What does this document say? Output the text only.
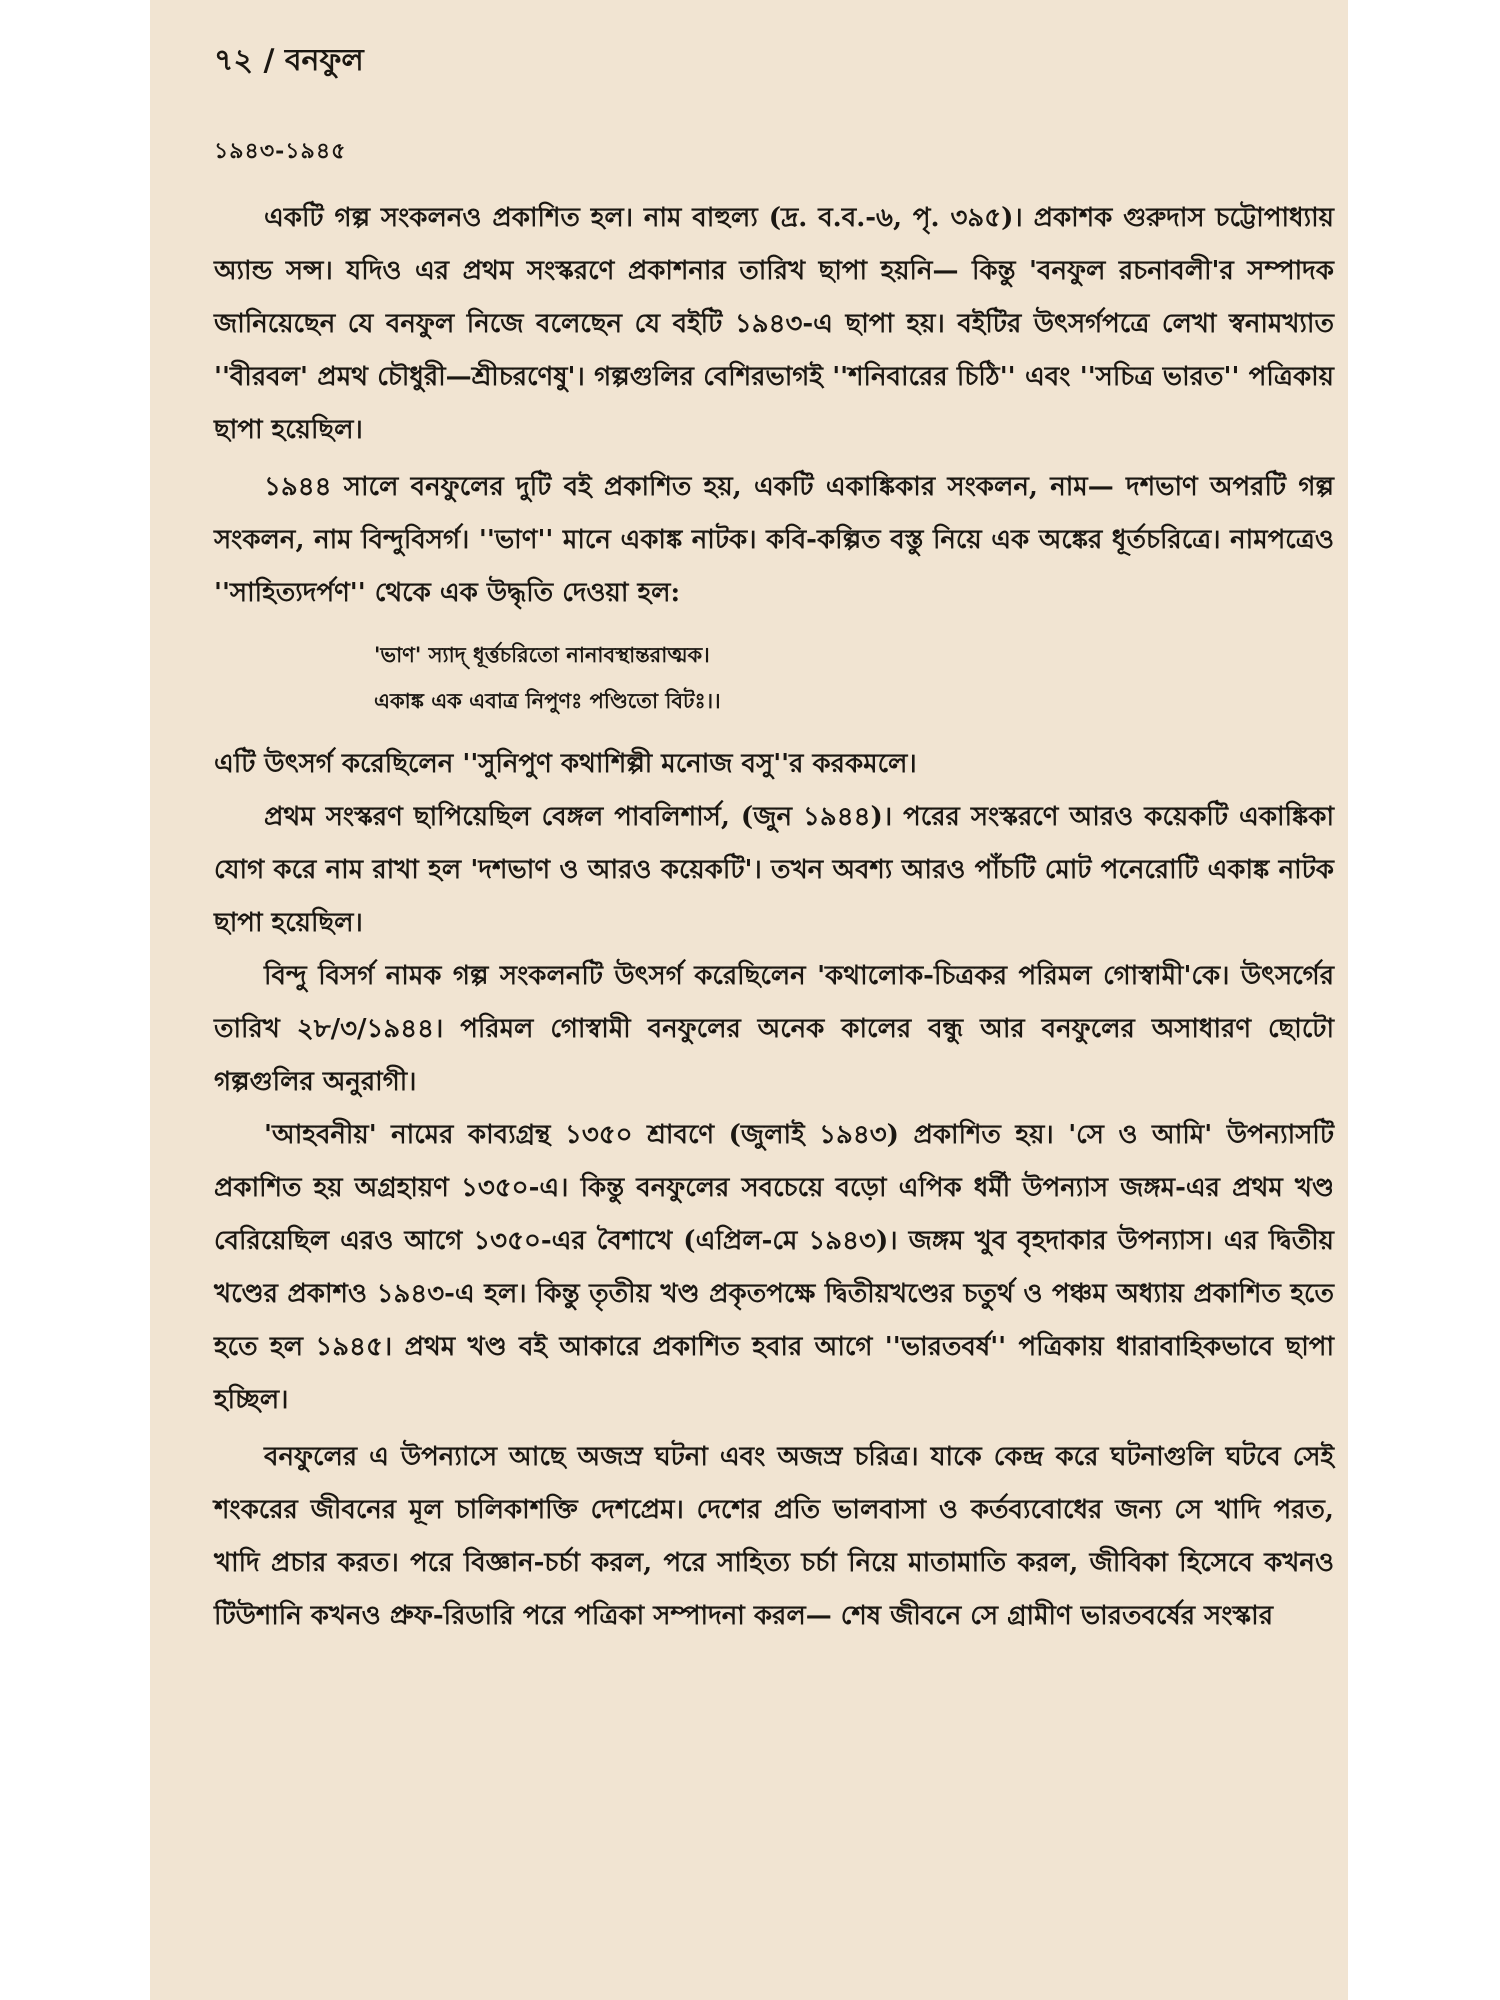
৭২ / বনফুল
১৯৪৩-১৯৪৫

একটি গল্প সংকলনও প্রকাশিত হল। নাম বাহুল্য (দ্র. ব.ব.-৬, পৃ. ৩৯৫)। প্রকাশক গুরুদাস চট্টোপাধ্যায় অ্যান্ড সন্স। যদিও এর প্রথম সংস্করণে প্রকাশনার তারিখ ছাপা হয়নি— কিন্তু 'বনফুল রচনাবলী'র সম্পাদক জানিয়েছেন যে বনফুল নিজে বলেছেন যে বইটি ১৯৪৩-এ ছাপা হয়। বইটির উৎসর্গপত্রে লেখা স্বনামখ্যাত ''বীরবল' প্রমথ চৌধুরী—শ্রীচরণেষু'। গল্পগুলির বেশিরভাগই ''শনিবারের চিঠি'' এবং ''সচিত্র ভারত'' পত্রিকায় ছাপা হয়েছিল।

১৯৪৪ সালে বনফুলের দুটি বই প্রকাশিত হয়, একটি একাঙ্কিকার সংকলন, নাম— দশভাণ অপরটি গল্প সংকলন, নাম বিন্দুবিসর্গ। ''ভাণ'' মানে একাঙ্ক নাটক। কবি-কল্পিত বস্তু নিয়ে এক অঙ্কের ধূর্তচরিত্রে। নামপত্রেও ''সাহিত্যদর্পণ'' থেকে এক উদ্ধৃতি দেওয়া হল:

'ভাণ' স্যাদ্ ধূর্ত্তচরিতো নানাবস্থান্তরাত্মক।
একাঙ্ক এক এবাত্র নিপুণঃ পণ্ডিতো বিটঃ।।

এটি উৎসর্গ করেছিলেন ''সুনিপুণ কথাশিল্পী মনোজ বসু''র করকমলে।

প্রথম সংস্করণ ছাপিয়েছিল বেঙ্গল পাবলিশার্স, (জুন ১৯৪৪)। পরের সংস্করণে আরও কয়েকটি একাঙ্কিকা যোগ করে নাম রাখা হল 'দশভাণ ও আরও কয়েকটি'। তখন অবশ্য আরও পাঁচটি মোট পনেরোটি একাঙ্ক নাটক ছাপা হয়েছিল।

বিন্দু বিসর্গ নামক গল্প সংকলনটি উৎসর্গ করেছিলেন 'কথালোক-চিত্রকর পরিমল গোস্বামী'কে। উৎসর্গের তারিখ ২৮/৩/১৯৪৪। পরিমল গোস্বামী বনফুলের অনেক কালের বন্ধু আর বনফুলের অসাধারণ ছোটো গল্পগুলির অনুরাগী।

'আহবনীয়' নামের কাব্যগ্রন্থ ১৩৫০ শ্রাবণে (জুলাই ১৯৪৩) প্রকাশিত হয়। 'সে ও আমি' উপন্যাসটি প্রকাশিত হয় অগ্রহায়ণ ১৩৫০-এ। কিন্তু বনফুলের সবচেয়ে বড়ো এপিক ধর্মী উপন্যাস জঙ্গম-এর প্রথম খণ্ড বেরিয়েছিল এরও আগে ১৩৫০-এর বৈশাখে (এপ্রিল-মে ১৯৪৩)। জঙ্গম খুব বৃহদাকার উপন্যাস। এর দ্বিতীয় খণ্ডের প্রকাশও ১৯৪৩-এ হল। কিন্তু তৃতীয় খণ্ড প্রকৃতপক্ষে দ্বিতীয়খণ্ডের চতুর্থ ও পঞ্চম অধ্যায় প্রকাশিত হতে হতে হল ১৯৪৫। প্রথম খণ্ড বই আকারে প্রকাশিত হবার আগে ''ভারতবর্ষ'' পত্রিকায় ধারাবাহিকভাবে ছাপা হচ্ছিল।

বনফুলের এ উপন্যাসে আছে অজস্র ঘটনা এবং অজস্র চরিত্র। যাকে কেন্দ্র করে ঘটনাগুলি ঘটবে সেই শংকরের জীবনের মূল চালিকাশক্তি দেশপ্রেম। দেশের প্রতি ভালবাসা ও কর্তব্যবোধের জন্য সে খাদি পরত, খাদি প্রচার করত। পরে বিজ্ঞান-চর্চা করল, পরে সাহিত্য চর্চা নিয়ে মাতামাতি করল, জীবিকা হিসেবে কখনও টিউশানি কখনও প্রুফ-রিডারি পরে পত্রিকা সম্পাদনা করল— শেষ জীবনে সে গ্রামীণ ভারতবর্ষের সংস্কার
